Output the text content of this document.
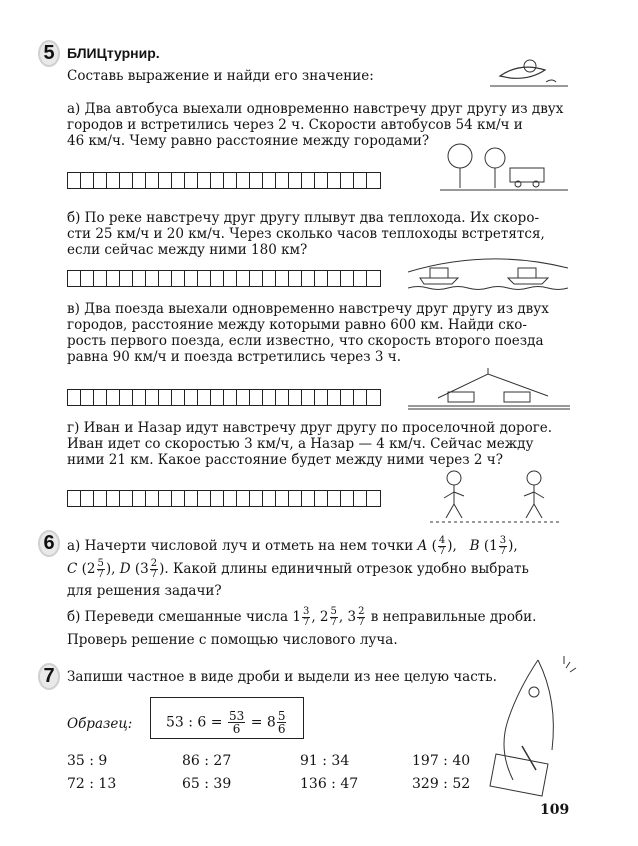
5 БЛИЦтурнир.
Составь выражение и найди его значение:
а) Два автобуса выехали одновременно навстречу друг другу из двух
городов и встретились через 2 ч. Скорости автобусов 54 км/ч и
46 км/ч. Чему равно расстояние между городами?
б) По реке навстречу друг другу плывут два теплохода. Их скоро-
сти 25 км/ч и 20 км/ч. Через сколько часов теплоходы встретятся,
если сейчас между ними 180 км?
в) Два поезда выехали одновременно навстречу друг другу из двух
городов, расстояние между которыми равно 600 км. Найди ско-
рость первого поезда, если известно, что скорость второго поезда
равна 90 км/ч и поезда встретились через 3 ч.
г) Иван и Назар идут навстречу друг другу по проселочной дороге.
Иван идет со скоростью 3 км/ч, а Назар — 4 км/ч. Сейчас между
ними 21 км. Какое расстояние будет между ними через 2 ч?
6 а) Начерти числовой луч и отметь на нем точки A ( $\frac{4}{7}$ ),   B ($1 \frac{3}{7}$ ),
C ($2 \frac{5}{7}$ ), D ($3 \frac{2}{7}$ ). Какой длины единичный отрезок удобно выбрать
для решения задачи?
б) Переведи смешанные числа $1 \frac{3}{7}$ , $2 \frac{5}{7}$ , $3 \frac{2}{7}$ в неправильные дроби.
Проверь решение с помощью числового луча.
7 Запиши частное в виде дроби и выдели из нее целую часть.
Образец: 53 : $6 = \frac{53}{6} = 8 \frac{5}{6}$
35 : 9	86 : 27	91 : 34	197 : 40
72 : 13	65 : 39	136 : 47	329 : 52
109
